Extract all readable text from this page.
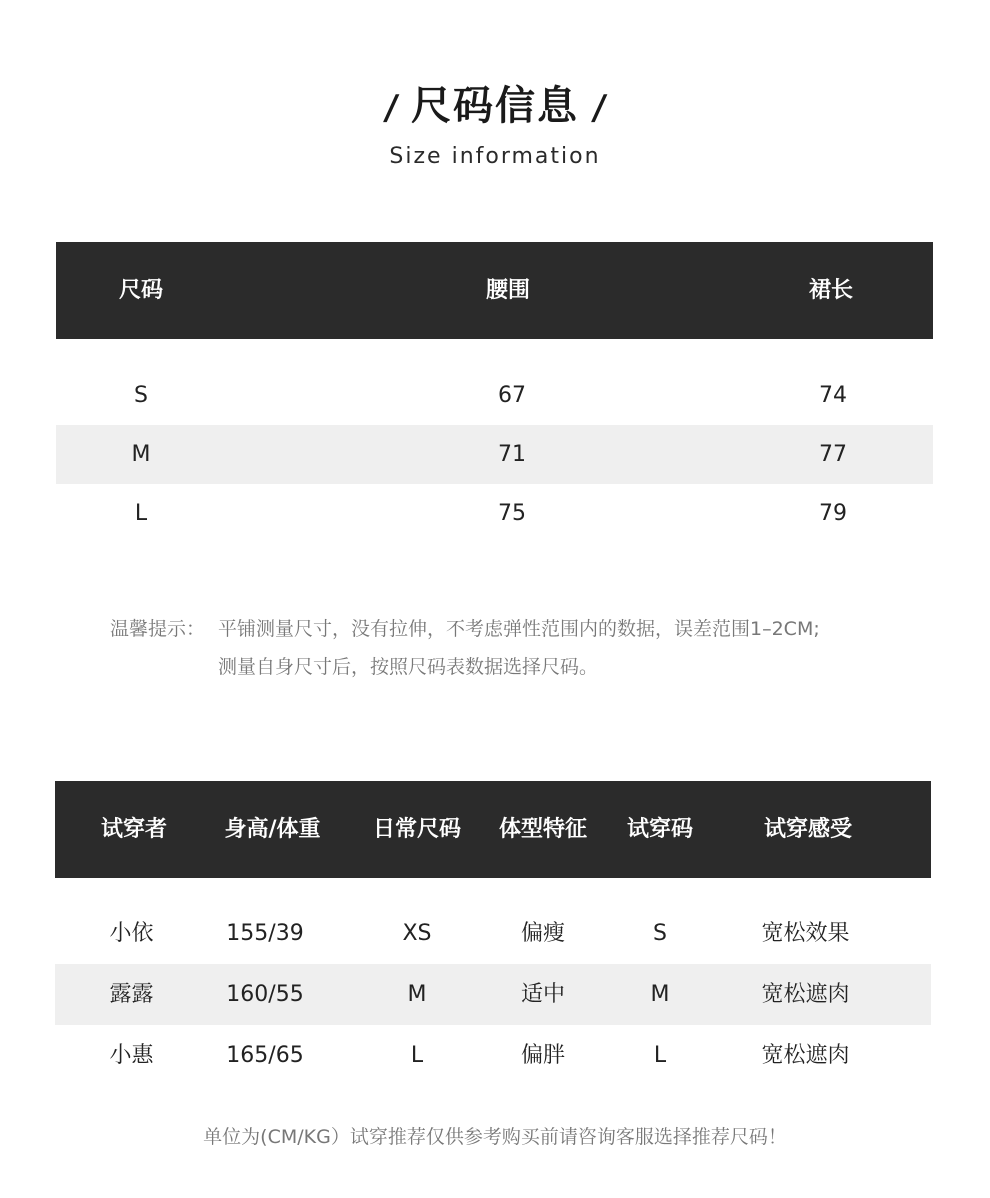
/ 尺码信息 /
Size information
尺码	腰围	裙长
S	67	74
M	71	77
L	75	79
温馨提示： 平铺测量尺寸，没有拉伸，不考虑弹性范围内的数据，误差范围1–2CM;
测量自身尺寸后，按照尺码表数据选择尺码。
试穿者	身高/体重	日常尺码	体型特征	试穿码	试穿感受
小依	155/39	XS	偏瘦	S	宽松效果
露露	160/55	M	适中	M	宽松遮肉
小惠	165/65	L	偏胖	L	宽松遮肉
单位为(CM/KG）试穿推荐仅供参考购买前请咨询客服选择推荐尺码！
